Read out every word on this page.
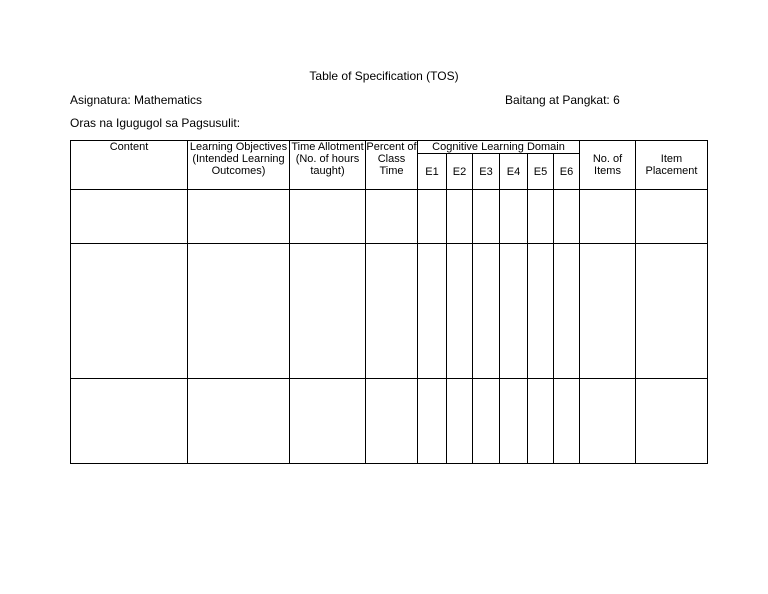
Table of Specification (TOS)
Asignatura: Mathematics	Baitang at Pangkat: 6
Oras na Igugugol sa Pagsusulit:
Content	Learning Objectives (Intended Learning Outcomes)	Time Allotment (No. of hours taught)	Percent of Class Time	Cognitive Learning Domain						No. of Items	Item Placement
				E1	E2	E3	E4	E5	E6		
